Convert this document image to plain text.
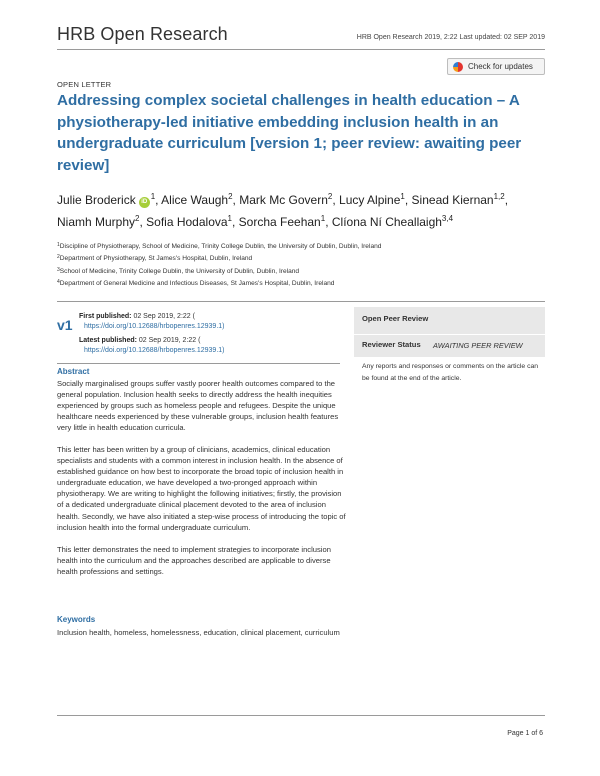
HRB Open Research	HRB Open Research 2019, 2:22 Last updated: 02 SEP 2019
Check for updates
OPEN LETTER
Addressing complex societal challenges in health education – A physiotherapy-led initiative embedding inclusion health in an undergraduate curriculum [version 1; peer review: awaiting peer review]
Julie Broderick $iD^1$, Alice Waugh$^2$, Mark Mc Govern$^2$, Lucy Alpine$^1$, Sinead Kiernan$^{1,2}$,
Niamh Murphy$^2$, Sofia Hodalova$^1$, Sorcha Feehan$^1$, Clíona Ní Cheallaigh$^{3,4}$
$^1$Discipline of Physiotherapy, School of Medicine, Trinity College Dublin, the University of Dublin, Dublin, Ireland
$^2$Department of Physiotherapy, St James's Hospital, Dublin, Ireland
$^3$School of Medicine, Trinity College Dublin, the University of Dublin, Dublin, Ireland
$^4$Department of General Medicine and Infectious Diseases, St James's Hospital, Dublin, Ireland
v1
First published: 02 Sep 2019, 2:22 (
https://doi.org/10.12688/hrbopenres.12939.1)
Latest published: 02 Sep 2019, 2:22 (
https://doi.org/10.12688/hrbopenres.12939.1)
Open Peer Review
Reviewer Status AWAITING PEER REVIEW
Any reports and responses or comments on the article can be found at the end of the article.
Abstract

Socially marginalised groups suffer vastly poorer health outcomes compared to the general population. Inclusion health seeks to directly address the health inequities experienced by groups such as homeless people and refugees. Despite the unique healthcare needs experienced by these vulnerable groups, inclusion health features very little in health education curricula.

This letter has been written by a group of clinicians, academics, clinical education specialists and students with a common interest in inclusion health. In the absence of established guidance on how best to incorporate the broad topic of inclusion health in undergraduate education, we have developed a two-pronged approach within physiotherapy. We are writing to highlight the following initiatives; firstly, the provision of a dedicated undergraduate clinical placement devoted to the area of inclusion health. Secondly, we have also initiated a step-wise process of introducing the topic of inclusion health into the formal undergraduate curriculum.

This letter demonstrates the need to implement strategies to incorporate inclusion health into the curriculum and the approaches described are applicable to diverse health professions and settings.

Keywords
Inclusion health, homeless, homelessness, education, clinical placement, curriculum
Page 1 of 6
